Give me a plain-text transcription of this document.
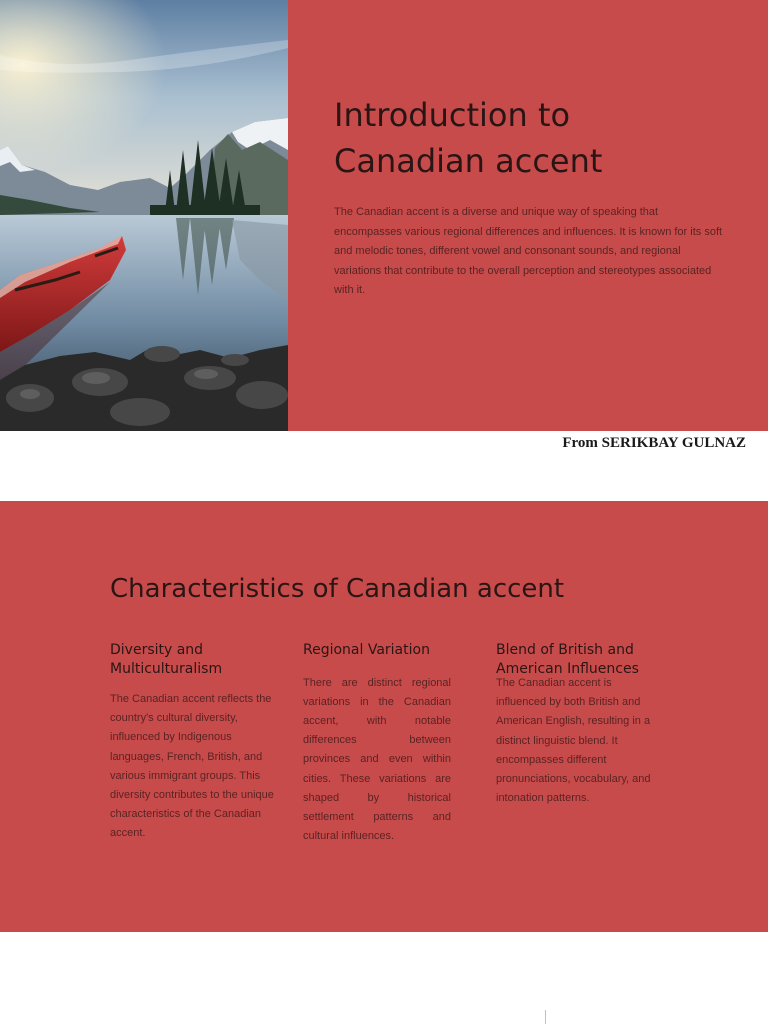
Introduction to
Canadian accent

The Canadian accent is a diverse and unique way of speaking that encompasses various regional differences and influences. It is known for its soft and melodic tones, different vowel and consonant sounds, and regional variations that contribute to the overall perception and stereotypes associated with it.

From SERIKBAY GULNAZ

Characteristics of Canadian accent
Diversity and Multiculturalism

The Canadian accent reflects the country's cultural diversity, influenced by Indigenous languages, French, British, and various immigrant groups. This diversity contributes to the unique characteristics of the Canadian accent.

Regional Variation

There are distinct regional variations in the Canadian accent, with notable differences between provinces and even within cities. These variations are shaped by historical settlement patterns and cultural influences.

Blend of British and American Influences

The Canadian accent is influenced by both British and American English, resulting in a distinct linguistic blend. It encompasses different pronunciations, vocabulary, and intonation patterns.
